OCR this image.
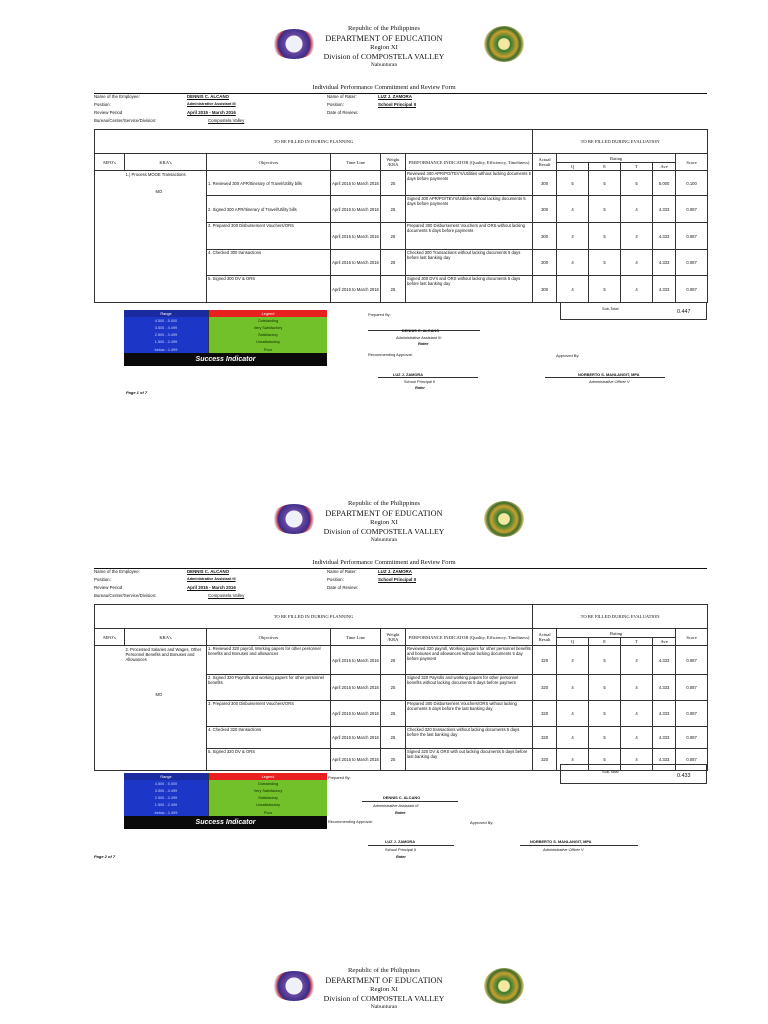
Republic of the Philippines
DEPARTMENT OF EDUCATION
Region XI
Division of COMPOSTELA VALLEY
Nabunturan
Individual Performance Commitment and Review Form
Name of the Employee:	DENNIS C. ALCANO
Position:	Administrative Assistant III
Review Period	April 2015 - March 2016
Bureau/Center/Service/Division:	Compostela Valley
Name of Rater:	LUZ J. ZAMORA
Position:	School Principal II
Date of Review:
TO BE FILLED IN DURING PLANNING						TO BE FILLED DURING EVALUATION					
MFO's	KRA's	Objectives	Time Line	Weight /KRA	PERFORMANCE INDICATOR (Quality, Efficiency, Timeliness)	Actual Result	Rating				Score
							Q	E	T	Ave	

	1.) Process MOOE Transactions
MO	1. Reviewed 300 APR/Itinerary of Travel/Utility bills	April 2015 to March 2016	25	Reviewed 300 APR/PO/TEV's/Utilities without lacking documents 5 days before payments	300	5	5	5	5.000	0.100
		2. Signed 300 APR/Itinerary of Travel/Utility bills	April 2015 to March 2016	25	Signed 300 APR/PO/TEV's/Utilities without lacking documents 5 days before payments	300	4	5	4	4.333	0.087
		3. Prepared 300 Disbursement Vouchers/ORS	April 2015 to March 2016	25	Prepared 300 Disbursement Vouchers and ORS without lacking documents 5 days before payments	300	4	5	4	4.333	0.087
		4. Checked 300 transactions	April 2015 to March 2016	25	Checked 300 Transactions without lacking documents 5 days before last banking day	300	4	5	4	4.333	0.087
		5. Signed 300 DV & ORS	April 2015 to March 2016	25	Signed 300 DV's and ORS without lacking documents 5 days before last banking day	300	4	5	4	4.333	0.087
Sub-Total
0.447
Range	Legend
4.500 - 5.000	Outstanding
3.500 - 4.499	Very Satisfactory
2.500 - 3.499	Satisfactory
1.500 - 2.499	Unsatisfactory
below - 1.499	Poor
Success Indicator
Prepared By:
DENNIS C. ALCANO
Administrative Assistant III
Ratee
Recommending Approval:	Approved By:
LUZ J. ZAMORA
School Principal II
Rater
NORBERTO S. MANLANGIT, MPA
Administrative Officer V
Page 1 of 7
Republic of the Philippines
DEPARTMENT OF EDUCATION
Region XI
Division of COMPOSTELA VALLEY
Nabunturan
Individual Performance Commitment and Review Form
Name of the Employee:	DENNIS C. ALCANO
Position:	Administrative Assistant III
Review Period	April 2015 - March 2016
Bureau/Center/Service/Division:	Compostela Valley
Name of Rater:	LUZ J. ZAMORA
Position:	School Principal II
Date of Review:
TO BE FILLED IN DURING PLANNING						TO BE FILLED DURING EVALUATION					
MFO's	KRA's	Objectives	Time Line	Weight /KRA	PERFORMANCE INDICATOR (Quality, Efficiency, Timeliness)	Actual Result	Rating				Score
							Q	E	T	Ave	

	2. Processed Salaries and Wages, Other Personnel Benefits and Bonuses and Allowances
MO	1. Reviewed 320 payroll, Working papers for other personnel benefits and Bonuses and allowances	April 2015 to March 2016	25	Reviewed 320 payroll, Working papers for other personnel benefits and bonuses and allowances without lacking documents 5 day before payment	320	4	5	4	4.333	0.087
		2. Signed 320 Payrolls and working papers for other personnel benefits	April 2015 to March 2016	25	Signed 320 Payrolls and working papers for other personnel benefits without lacking documents 5 days before payment	320	4	5	4	4.333	0.087
		3. Prepared 300 Disbursement Vouchers/ORS	April 2015 to March 2016	25	Prepared 300 Disbursement Vouchers/ORS without lacking documents 5 days before the last banking day	320	4	5	4	4.333	0.087
		4. Checked 320 transactions	April 2015 to March 2016	25	Checked 320 transactions without lacking documents 5 days before the last banking day	320	4	5	4	4.333	0.087
		5. Signed 320 DV & ORS	April 2015 to March 2016	25	Signed 320 DV & ORS with out lacking documents 5 days before last banking day	320	4	5	4	4.333	0.087
Sub-Total
0.433
Range	Legend
4.500 - 5.000	Outstanding
3.500 - 4.499	Very Satisfactory
2.500 - 3.499	Satisfactory
1.500 - 2.499	Unsatisfactory
below - 1.499	Poor
Success Indicator
Prepared By:
DENNIS C. ALCANO
Administrative Assistant III
Ratee
Recommending Approval:	Approved By:
LUZ J. ZAMORA
School Principal II
Rater
NORBERTO S. MANLANGIT, MPA
Administrative Officer V
Page 2 of 7
Republic of the Philippines
DEPARTMENT OF EDUCATION
Region XI
Division of COMPOSTELA VALLEY
Nabunturan
